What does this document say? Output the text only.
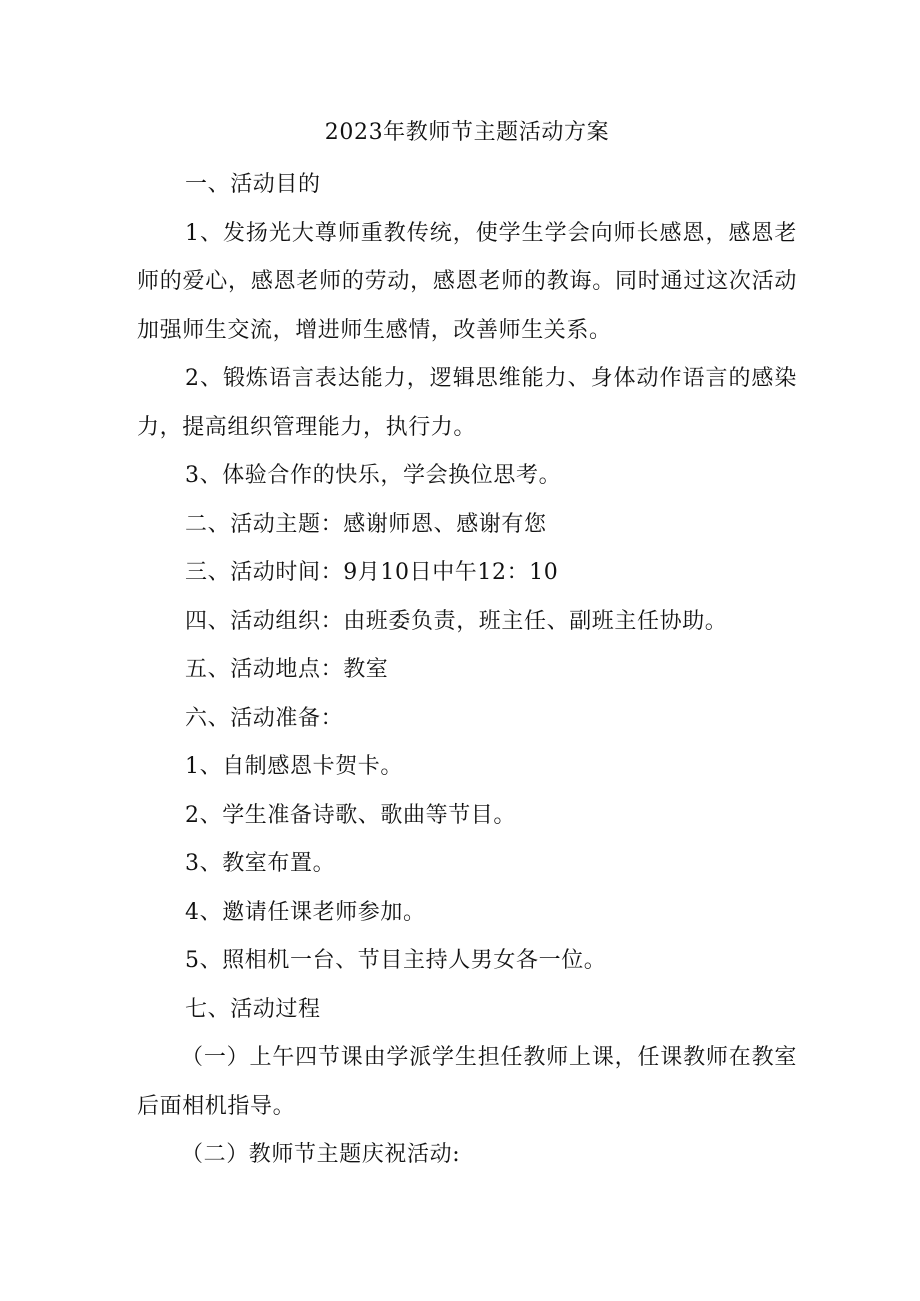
2023年教师节主题活动方案

一、活动目的

1、发扬光大尊师重教传统，使学生学会向师长感恩，感恩老师的爱心，感恩老师的劳动，感恩老师的教诲。同时通过这次活动加强师生交流，增进师生感情，改善师生关系。

2、锻炼语言表达能力，逻辑思维能力、身体动作语言的感染力，提高组织管理能力，执行力。

3、体验合作的快乐，学会换位思考。

二、活动主题：感谢师恩、感谢有您

三、活动时间：9月10日中午12：10

四、活动组织：由班委负责，班主任、副班主任协助。

五、活动地点：教室

六、活动准备：

1、自制感恩卡贺卡。

2、学生准备诗歌、歌曲等节目。

3、教室布置。

4、邀请任课老师参加。

5、照相机一台、节目主持人男女各一位。

七、活动过程

（一）上午四节课由学派学生担任教师上课，任课教师在教室后面相机指导。

（二）教师节主题庆祝活动:
